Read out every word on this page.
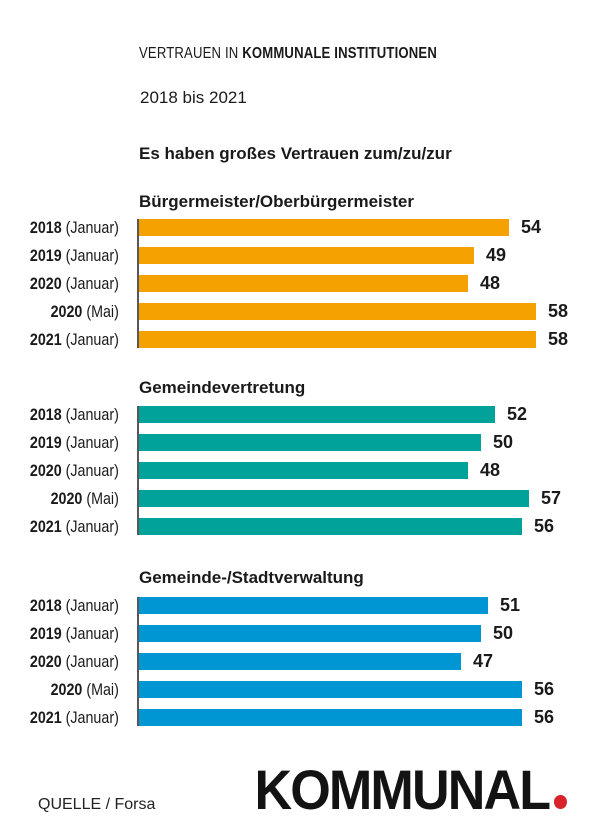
VERTRAUEN IN KOMMUNALE INSTITUTIONEN
2018 bis 2021
Es haben großes Vertrauen zum/zu/zur
Bürgermeister/Oberbürgermeister
2018 (Januar)	54
2019 (Januar)	49
2020 (Januar)	48
2020 (Mai)	58
2021 (Januar)	58
Gemeindevertretung
2018 (Januar)	52
2019 (Januar)	50
2020 (Januar)	48
2020 (Mai)	57
2021 (Januar)	56
Gemeinde-/Stadtverwaltung
2018 (Januar)	51
2019 (Januar)	50
2020 (Januar)	47
2020 (Mai)	56
2021 (Januar)	56
QUELLE / Forsa KOMMUNAL
